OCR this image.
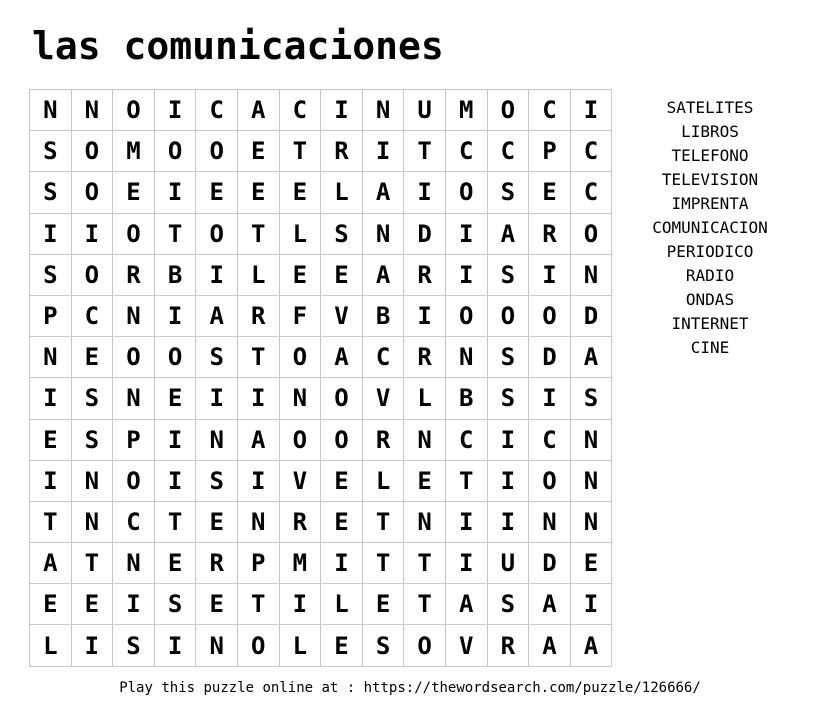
las comunicaciones
N	N	O	I	C	A	C	I	N	U	M	O	C	I
S	O	M	O	O	E	T	R	I	T	C	C	P	C
S	O	E	I	E	E	E	L	A	I	O	S	E	C
I	I	O	T	O	T	L	S	N	D	I	A	R	O
S	O	R	B	I	L	E	E	A	R	I	S	I	N
P	C	N	I	A	R	F	V	B	I	O	O	O	D
N	E	O	O	S	T	O	A	C	R	N	S	D	A
I	S	N	E	I	I	N	O	V	L	B	S	I	S
E	S	P	I	N	A	O	O	R	N	C	I	C	N
I	N	O	I	S	I	V	E	L	E	T	I	O	N
T	N	C	T	E	N	R	E	T	N	I	I	N	N
A	T	N	E	R	P	M	I	T	T	I	U	D	E
E	E	I	S	E	T	I	L	E	T	A	S	A	I
L	I	S	I	N	O	L	E	S	O	V	R	A	A
SATELITES
LIBROS
TELEFONO
TELEVISION
IMPRENTA
COMUNICACION
PERIODICO
RADIO
ONDAS
INTERNET
CINE
Play this puzzle online at : https://thewordsearch.com/puzzle/126666/
